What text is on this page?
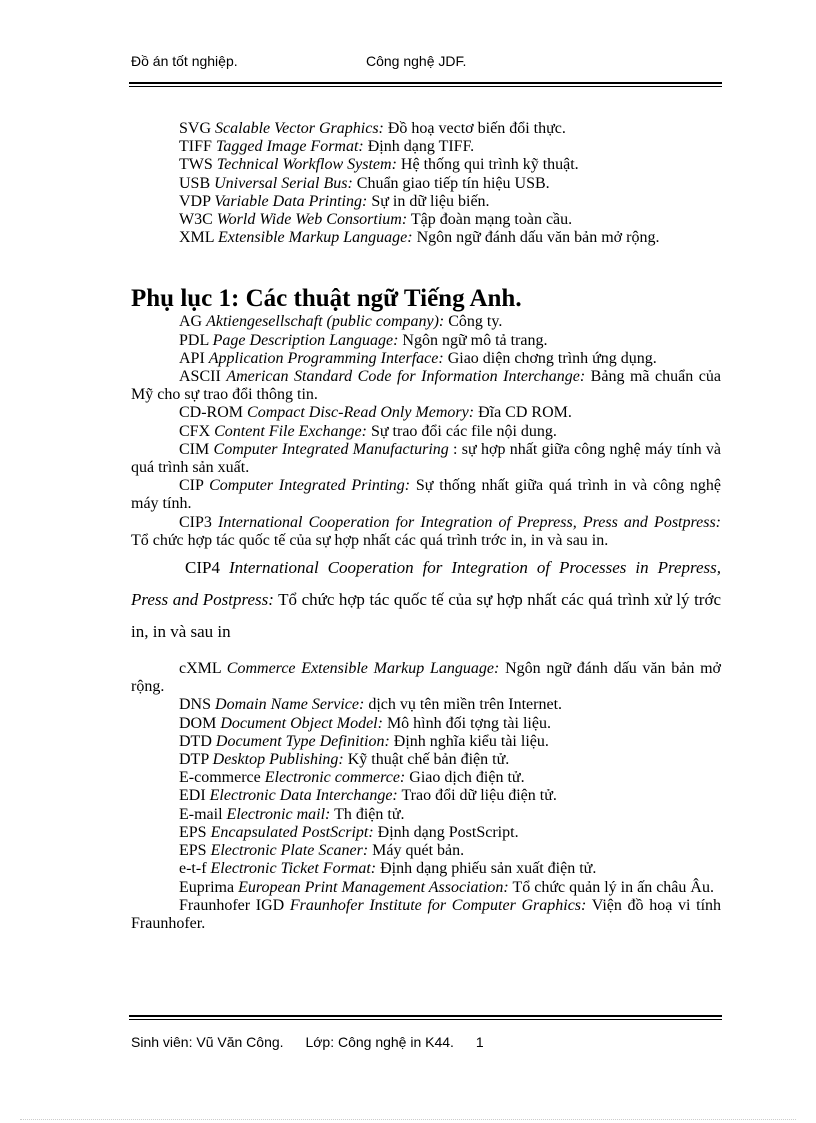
Đồ án tốt nghiệp.	Công nghệ JDF.

SVG Scalable Vector Graphics: Đồ hoạ vectơ biến đổi thực.

TIFF Tagged Image Format: Định dạng TIFF.

TWS Technical Workflow System: Hệ thống qui trình kỹ thuật.

USB Universal Serial Bus: Chuẩn giao tiếp tín hiệu USB.

VDP Variable Data Printing: Sự in dữ liệu biến.

W3C World Wide Web Consortium: Tập đoàn mạng toàn cầu.

XML Extensible Markup Language: Ngôn ngữ đánh dấu văn bản mở rộng.

Phụ lục 1: Các thuật ngữ Tiếng Anh.

AG Aktiengesellschaft (public company): Công ty.

PDL Page Description Language: Ngôn ngữ mô tả trang.

API Application Programming Interface: Giao diện chơng trình ứng dụng.

ASCII American Standard Code for Information Interchange: Bảng mã chuẩn của Mỹ cho sự trao đổi thông tin.

CD-ROM Compact Disc-Read Only Memory: Đĩa CD ROM.

CFX Content File Exchange: Sự trao đổi các file nội dung.

CIM Computer Integrated Manufacturing : sự hợp nhất giữa công nghệ máy tính và quá trình sản xuất.

CIP Computer Integrated Printing: Sự thống nhất giữa quá trình in và công nghệ máy tính.

CIP3 International Cooperation for Integration of Prepress, Press and Postpress: Tổ chức hợp tác quốc tế của sự hợp nhất các quá trình trớc in, in và sau in.

CIP4 International Cooperation for Integration of Processes in Prepress, Press and Postpress: Tổ chức hợp tác quốc tế của sự hợp nhất các quá trình xử lý trớc in, in và sau in

cXML Commerce Extensible Markup Language: Ngôn ngữ đánh dấu văn bản mở rộng.

DNS Domain Name Service: dịch vụ tên miền trên Internet.

DOM Document Object Model: Mô hình đối tợng tài liệu.

DTD Document Type Definition: Định nghĩa kiểu tài liệu.

DTP Desktop Publishing: Kỹ thuật chế bản điện tử.

E-commerce Electronic commerce: Giao dịch điện tử.

EDI Electronic Data Interchange: Trao đổi dữ liệu điện tử.

E-mail Electronic mail: Th điện tử.

EPS Encapsulated PostScript: Định dạng PostScript.

EPS Electronic Plate Scaner: Máy quét bản.

e-t-f Electronic Ticket Format: Định dạng phiếu sản xuất điện tử.

Euprima European Print Management Association: Tổ chức quản lý in ấn châu Âu.

Fraunhofer IGD Fraunhofer Institute for Computer Graphics: Viện đồ hoạ vi tính Fraunhofer.

Sinh viên: Vũ Văn Công. Lớp: Công nghệ in K44. 1
